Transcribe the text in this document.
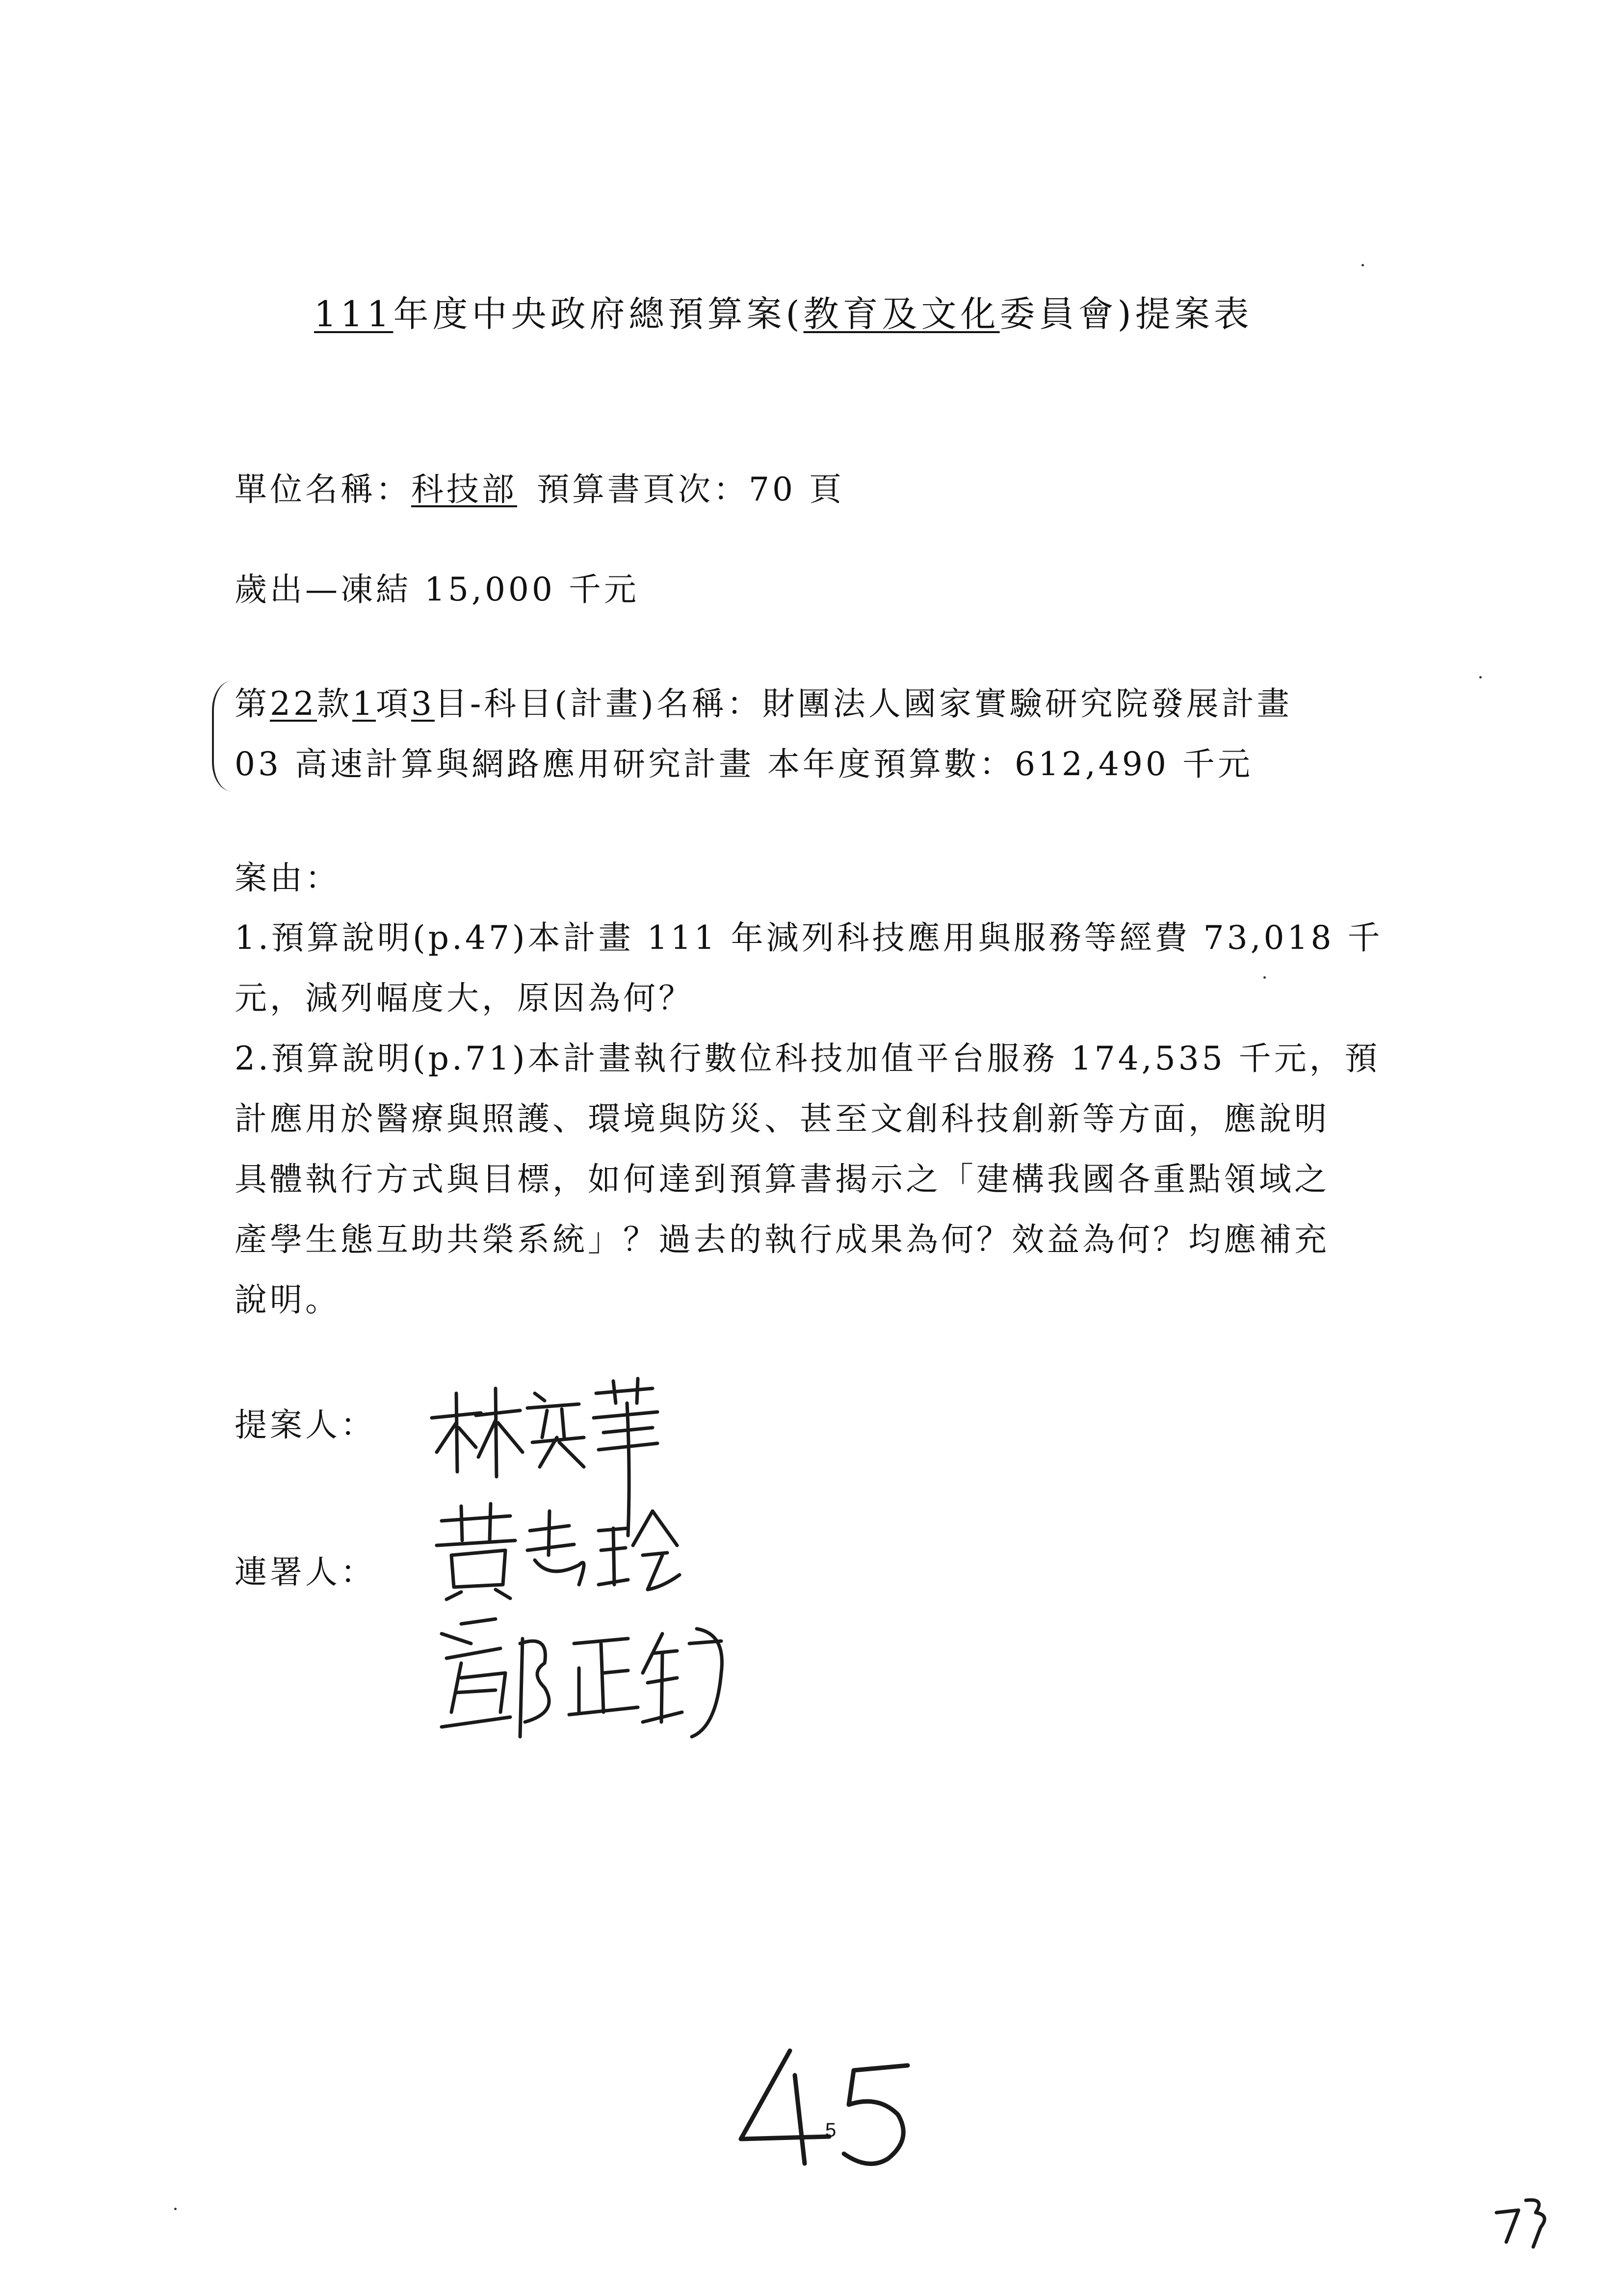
111年度中央政府總預算案(教育及文化委員會)提案表
單位名稱：科技部 預算書頁次：70 頁
歲出—凍結 15,000 千元
第22款1項3目-科目(計畫)名稱：財團法人國家實驗研究院發展計畫
03 高速計算與網路應用研究計畫 本年度預算數：612,490 千元
案由：
1.預算說明(p.47)本計畫 111 年減列科技應用與服務等經費 73,018 千
元，減列幅度大，原因為何？
2.預算說明(p.71)本計畫執行數位科技加值平台服務 174,535 千元，預
計應用於醫療與照護、環境與防災、甚至文創科技創新等方面，應說明
具體執行方式與目標，如何達到預算書揭示之「建構我國各重點領域之
產學生態互助共榮系統」？過去的執行成果為何？效益為何？均應補充
說明。
提案人：
連署人：
5
